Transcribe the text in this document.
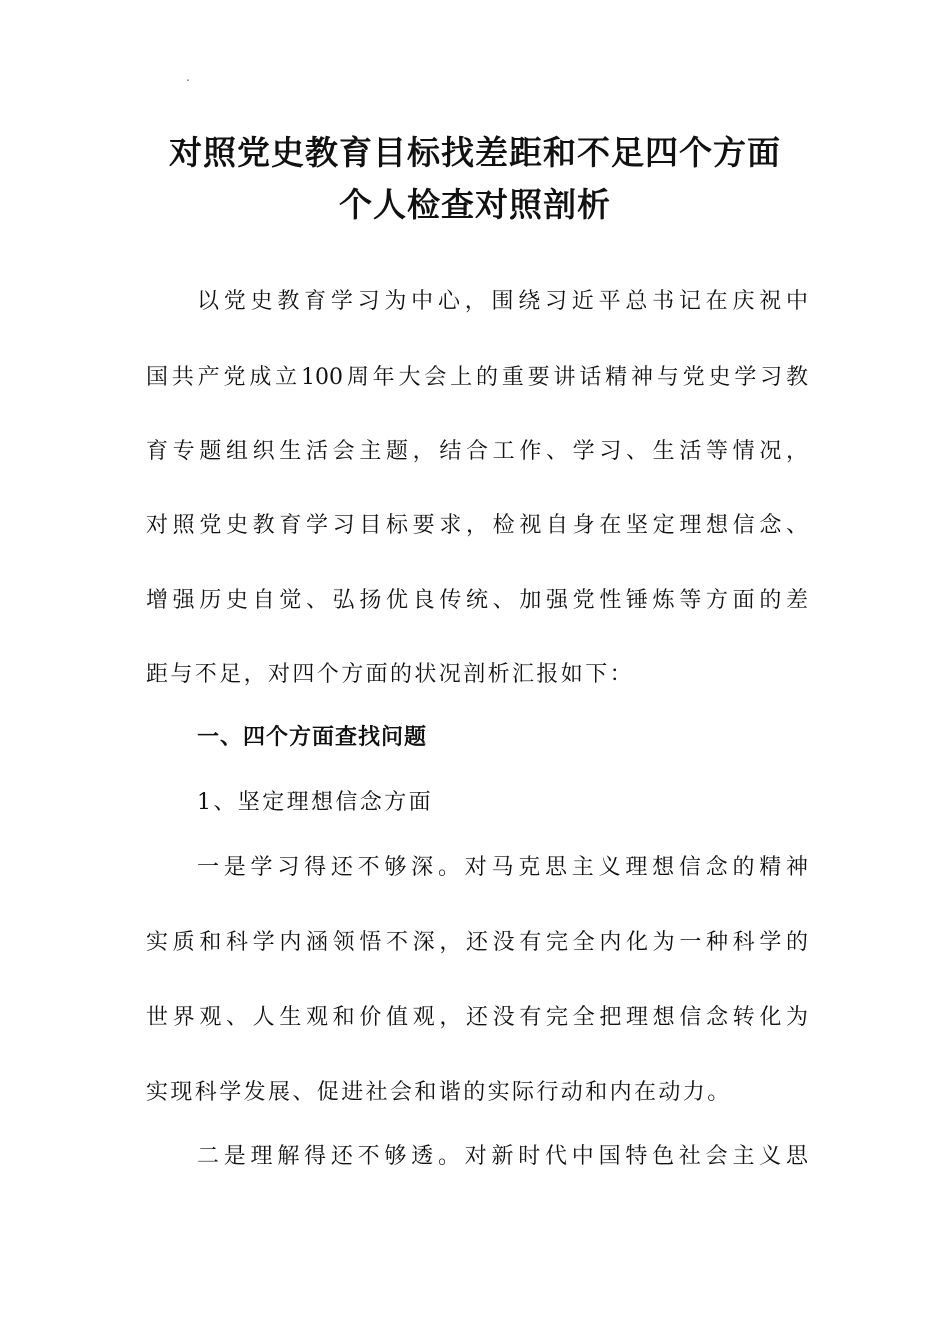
.
对照党史教育目标找差距和不足四个方面
个人检查对照剖析
以党史教育学习为中心，围绕习近平总书记在庆祝中
国共产党成立100周年大会上的重要讲话精神与党史学习教
育专题组织生活会主题，结合工作、学习、生活等情况，
对照党史教育学习目标要求，检视自身在坚定理想信念、
增强历史自觉、弘扬优良传统、加强党性锤炼等方面的差
距与不足，对四个方面的状况剖析汇报如下：
一、四个方面查找问题
1、坚定理想信念方面
一是学习得还不够深。对马克思主义理想信念的精神
实质和科学内涵领悟不深，还没有完全内化为一种科学的
世界观、人生观和价值观，还没有完全把理想信念转化为
实现科学发展、促进社会和谐的实际行动和内在动力。
二是理解得还不够透。对新时代中国特色社会主义思
